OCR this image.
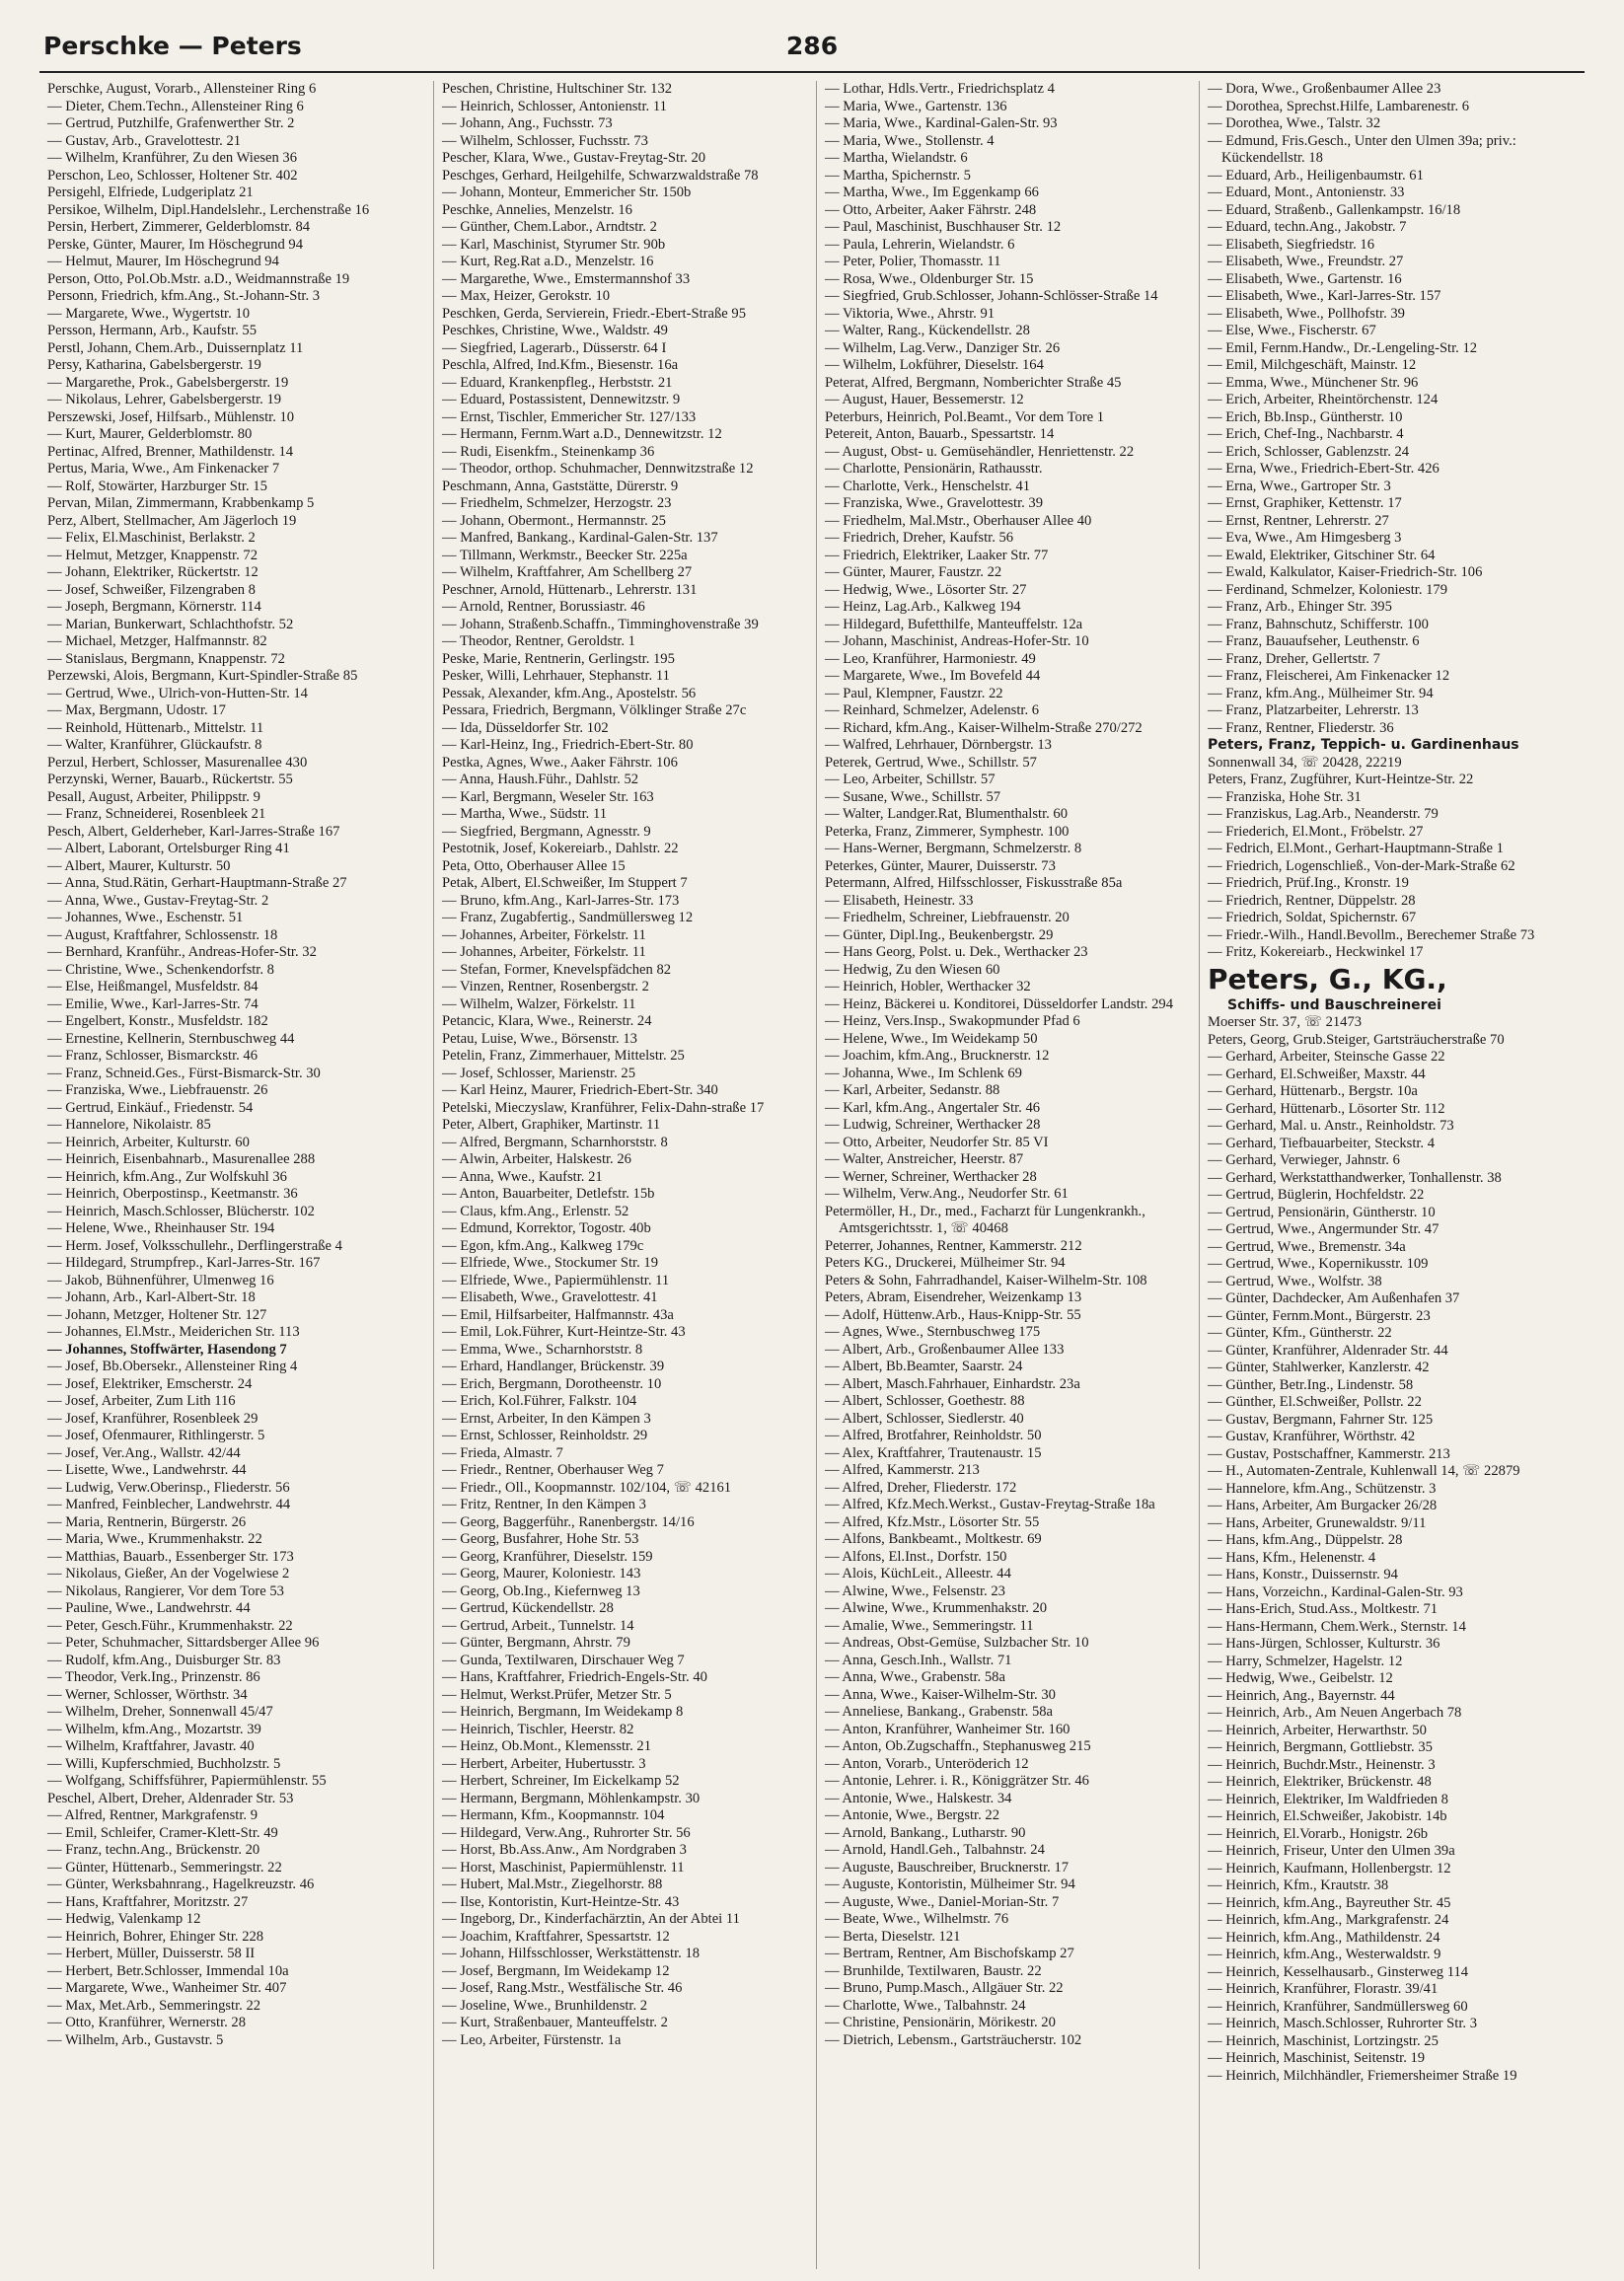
Perschke — Peters	286
Perschke, August, Vorarb., Allensteiner Ring 6
— Dieter, Chem.Techn., Allensteiner Ring 6
— Gertrud, Putzhilfe, Grafenwerther Str. 2
— Gustav, Arb., Gravelottestr. 21
— Wilhelm, Kranführer, Zu den Wiesen 36
Perschon, Leo, Schlosser, Holtener Str. 402
Persigehl, Elfriede, Ludgeriplatz 21
Persikoe, Wilhelm, Dipl.Handelslehr., Lerchenstraße 16
Persin, Herbert, Zimmerer, Gelderblomstr. 84
Perske, Günter, Maurer, Im Höschegrund 94
— Helmut, Maurer, Im Höschegrund 94
Person, Otto, Pol.Ob.Mstr. a.D., Weidmannstraße 19
Personn, Friedrich, kfm.Ang., St.-Johann-Str. 3
— Margarete, Wwe., Wygertstr. 10
Persson, Hermann, Arb., Kaufstr. 55
Perstl, Johann, Chem.Arb., Duissernplatz 11
Persy, Katharina, Gabelsbergerstr. 19
— Margarethe, Prok., Gabelsbergerstr. 19
— Nikolaus, Lehrer, Gabelsbergerstr. 19
Perszewski, Josef, Hilfsarb., Mühlenstr. 10
— Kurt, Maurer, Gelderblomstr. 80
Pertinac, Alfred, Brenner, Mathildenstr. 14
Pertus, Maria, Wwe., Am Finkenacker 7
— Rolf, Stowärter, Harzburger Str. 15
Pervan, Milan, Zimmermann, Krabbenkamp 5
Perz, Albert, Stellmacher, Am Jägerloch 19
— Felix, El.Maschinist, Berlakstr. 2
— Helmut, Metzger, Knappenstr. 72
— Johann, Elektriker, Rückertstr. 12
— Josef, Schweißer, Filzengraben 8
— Joseph, Bergmann, Körnerstr. 114
— Marian, Bunkerwart, Schlachthofstr. 52
— Michael, Metzger, Halfmannstr. 82
— Stanislaus, Bergmann, Knappenstr. 72
Perzewski, Alois, Bergmann, Kurt-Spindler-Straße 85
— Gertrud, Wwe., Ulrich-von-Hutten-Str. 14
— Max, Bergmann, Udostr. 17
— Reinhold, Hüttenarb., Mittelstr. 11
— Walter, Kranführer, Glückaufstr. 8
Perzul, Herbert, Schlosser, Masurenallee 430
Perzynski, Werner, Bauarb., Rückertstr. 55
Pesall, August, Arbeiter, Philippstr. 9
— Franz, Schneiderei, Rosenbleek 21
Pesch, Albert, Gelderheber, Karl-Jarres-Straße 167
— Albert, Laborant, Ortelsburger Ring 41
— Albert, Maurer, Kulturstr. 50
— Anna, Stud.Rätin, Gerhart-Hauptmann-Straße 27
— Anna, Wwe., Gustav-Freytag-Str. 2
— Johannes, Wwe., Eschenstr. 51
— August, Kraftfahrer, Schlossenstr. 18
— Bernhard, Kranführ., Andreas-Hofer-Str. 32
— Christine, Wwe., Schenkendorfstr. 8
— Else, Heißmangel, Musfeldstr. 84
— Emilie, Wwe., Karl-Jarres-Str. 74
— Engelbert, Konstr., Musfeldstr. 182
— Ernestine, Kellnerin, Sternbuschweg 44
— Franz, Schlosser, Bismarckstr. 46
— Franz, Schneid.Ges., Fürst-Bismarck-Str. 30
— Franziska, Wwe., Liebfrauenstr. 26
— Gertrud, Einkäuf., Friedenstr. 54
— Hannelore, Nikolaistr. 85
— Heinrich, Arbeiter, Kulturstr. 60
— Heinrich, Eisenbahnarb., Masurenallee 288
— Heinrich, kfm.Ang., Zur Wolfskuhl 36
— Heinrich, Oberpostinsp., Keetmanstr. 36
— Heinrich, Masch.Schlosser, Blücherstr. 102
— Helene, Wwe., Rheinhauser Str. 194
— Herm. Josef, Volksschullehr., Derflingerstraße 4
— Hildegard, Strumpfrep., Karl-Jarres-Str. 167
— Jakob, Bühnenführer, Ulmenweg 16
— Johann, Arb., Karl-Albert-Str. 18
— Johann, Metzger, Holtener Str. 127
— Johannes, El.Mstr., Meiderichen Str. 113
— Johannes, Stoffwärter, Hasendong 7
— Josef, Bb.Obersekr., Allensteiner Ring 4
— Josef, Elektriker, Emscherstr. 24
— Josef, Arbeiter, Zum Lith 116
— Josef, Kranführer, Rosenbleek 29
— Josef, Ofenmaurer, Rithlingerstr. 5
— Josef, Ver.Ang., Wallstr. 42/44
— Lisette, Wwe., Landwehrstr. 44
— Ludwig, Verw.Oberinsp., Fliederstr. 56
— Manfred, Feinblecher, Landwehrstr. 44
— Maria, Rentnerin, Bürgerstr. 26
— Maria, Wwe., Krummenhakstr. 22
— Matthias, Bauarb., Essenberger Str. 173
— Nikolaus, Gießer, An der Vogelwiese 2
— Nikolaus, Rangierer, Vor dem Tore 53
— Pauline, Wwe., Landwehrstr. 44
— Peter, Gesch.Führ., Krummenhakstr. 22
— Peter, Schuhmacher, Sittardsberger Allee 96
— Rudolf, kfm.Ang., Duisburger Str. 83
— Theodor, Verk.Ing., Prinzenstr. 86
— Werner, Schlosser, Wörthstr. 34
— Wilhelm, Dreher, Sonnenwall 45/47
— Wilhelm, kfm.Ang., Mozartstr. 39
— Wilhelm, Kraftfahrer, Javastr. 40
— Willi, Kupferschmied, Buchholzstr. 5
— Wolfgang, Schiffsführer, Papiermühlenstr. 55
Peschel, Albert, Dreher, Aldenrader Str. 53
— Alfred, Rentner, Markgrafenstr. 9
— Emil, Schleifer, Cramer-Klett-Str. 49
— Franz, techn.Ang., Brückenstr. 20
— Günter, Hüttenarb., Semmeringstr. 22
— Günter, Werksbahnrang., Hagelkreuzstr. 46
— Hans, Kraftfahrer, Moritzstr. 27
— Hedwig, Valenkamp 12
— Heinrich, Bohrer, Ehinger Str. 228
— Herbert, Müller, Duisserstr. 58 II
— Herbert, Betr.Schlosser, Immendal 10a
— Margarete, Wwe., Wanheimer Str. 407
— Max, Met.Arb., Semmeringstr. 22
— Otto, Kranführer, Wernerstr. 28
— Wilhelm, Arb., Gustavstr. 5
Peschen, Christine, Hultschiner Str. 132
— Heinrich, Schlosser, Antonienstr. 11
— Johann, Ang., Fuchsstr. 73
— Wilhelm, Schlosser, Fuchsstr. 73
Pescher, Klara, Wwe., Gustav-Freytag-Str. 20
Peschges, Gerhard, Heilgehilfe, Schwarzwaldstraße 78
— Johann, Monteur, Emmericher Str. 150b
Peschke, Annelies, Menzelstr. 16
— Günther, Chem.Labor., Arndtstr. 2
— Karl, Maschinist, Styrumer Str. 90b
— Kurt, Reg.Rat a.D., Menzelstr. 16
— Margarethe, Wwe., Emstermannshof 33
— Max, Heizer, Gerokstr. 10
Peschken, Gerda, Servierein, Friedr.-Ebert-Straße 95
Peschkes, Christine, Wwe., Waldstr. 49
— Siegfried, Lagerarb., Düsserstr. 64 I
Peschla, Alfred, Ind.Kfm., Biesenstr. 16a
— Eduard, Krankenpfleg., Herbststr. 21
— Eduard, Postassistent, Dennewitzstr. 9
— Ernst, Tischler, Emmericher Str. 127/133
— Hermann, Fernm.Wart a.D., Dennewitzstr. 12
— Rudi, Eisenkfm., Steinenkamp 36
— Theodor, orthop. Schuhmacher, Dennwitzstraße 12
Peschmann, Anna, Gaststätte, Dürerstr. 9
— Friedhelm, Schmelzer, Herzogstr. 23
— Johann, Obermont., Hermannstr. 25
— Manfred, Bankang., Kardinal-Galen-Str. 137
— Tillmann, Werkmstr., Beecker Str. 225a
— Wilhelm, Kraftfahrer, Am Schellberg 27
Peschner, Arnold, Hüttenarb., Lehrerstr. 131
— Arnold, Rentner, Borussiastr. 46
— Johann, Straßenb.Schaffn., Timminghovenstraße 39
— Theodor, Rentner, Geroldstr. 1
Peske, Marie, Rentnerin, Gerlingstr. 195
Pesker, Willi, Lehrhauer, Stephanstr. 11
Pessak, Alexander, kfm.Ang., Apostelstr. 56
Pessara, Friedrich, Bergmann, Völklinger Straße 27c
— Ida, Düsseldorfer Str. 102
— Karl-Heinz, Ing., Friedrich-Ebert-Str. 80
Pestka, Agnes, Wwe., Aaker Fährstr. 106
— Anna, Haush.Führ., Dahlstr. 52
— Karl, Bergmann, Weseler Str. 163
— Martha, Wwe., Südstr. 11
— Siegfried, Bergmann, Agnesstr. 9
Pestotnik, Josef, Kokereiarb., Dahlstr. 22
Peta, Otto, Oberhauser Allee 15
Petak, Albert, El.Schweißer, Im Stuppert 7
— Bruno, kfm.Ang., Karl-Jarres-Str. 173
— Franz, Zugabfertig., Sandmüllersweg 12
— Johannes, Arbeiter, Förkelstr. 11
— Johannes, Arbeiter, Förkelstr. 11
— Stefan, Former, Knevelspfädchen 82
— Vinzen, Rentner, Rosenbergstr. 2
— Wilhelm, Walzer, Förkelstr. 11
Petancic, Klara, Wwe., Reinerstr. 24
Petau, Luise, Wwe., Börsenstr. 13
Petelin, Franz, Zimmerhauer, Mittelstr. 25
— Josef, Schlosser, Marienstr. 25
— Karl Heinz, Maurer, Friedrich-Ebert-Str. 340
Petelski, Mieczyslaw, Kranführer, Felix-Dahn-straße 17
Peter, Albert, Graphiker, Martinstr. 11
— Alfred, Bergmann, Scharnhorststr. 8
— Alwin, Arbeiter, Halskestr. 26
— Anna, Wwe., Kaufstr. 21
— Anton, Bauarbeiter, Detlefstr. 15b
— Claus, kfm.Ang., Erlenstr. 52
— Edmund, Korrektor, Togostr. 40b
— Egon, kfm.Ang., Kalkweg 179c
— Elfriede, Wwe., Stockumer Str. 19
— Elfriede, Wwe., Papiermühlenstr. 11
— Elisabeth, Wwe., Gravelottestr. 41
— Emil, Hilfsarbeiter, Halfmannstr. 43a
— Emil, Lok.Führer, Kurt-Heintze-Str. 43
— Emma, Wwe., Scharnhorststr. 8
— Erhard, Handlanger, Brückenstr. 39
— Erich, Bergmann, Dorotheenstr. 10
— Erich, Kol.Führer, Falkstr. 104
— Ernst, Arbeiter, In den Kämpen 3
— Ernst, Schlosser, Reinholdstr. 29
— Frieda, Almastr. 7
— Friedr., Rentner, Oberhauser Weg 7
— Friedr., Oll., Koopmannstr. 102/104, ☏ 42161
— Fritz, Rentner, In den Kämpen 3
— Georg, Baggerführ., Ranenbergstr. 14/16
— Georg, Busfahrer, Hohe Str. 53
— Georg, Kranführer, Dieselstr. 159
— Georg, Maurer, Koloniestr. 143
— Georg, Ob.Ing., Kiefernweg 13
— Gertrud, Kückendellstr. 28
— Gertrud, Arbeit., Tunnelstr. 14
— Günter, Bergmann, Ahrstr. 79
— Gunda, Textilwaren, Dirschauer Weg 7
— Hans, Kraftfahrer, Friedrich-Engels-Str. 40
— Helmut, Werkst.Prüfer, Metzer Str. 5
— Heinrich, Bergmann, Im Weidekamp 8
— Heinrich, Tischler, Heerstr. 82
— Heinz, Ob.Mont., Klemensstr. 21
— Herbert, Arbeiter, Hubertusstr. 3
— Herbert, Schreiner, Im Eickelkamp 52
— Hermann, Bergmann, Möhlenkampstr. 30
— Hermann, Kfm., Koopmannstr. 104
— Hildegard, Verw.Ang., Ruhrorter Str. 56
— Horst, Bb.Ass.Anw., Am Nordgraben 3
— Horst, Maschinist, Papiermühlenstr. 11
— Hubert, Mal.Mstr., Ziegelhorstr. 88
— Ilse, Kontoristin, Kurt-Heintze-Str. 43
— Ingeborg, Dr., Kinderfachärztin, An der Abtei 11
— Joachim, Kraftfahrer, Spessartstr. 12
— Johann, Hilfsschlosser, Werkstättenstr. 18
— Josef, Bergmann, Im Weidekamp 12
— Josef, Rang.Mstr., Westfälische Str. 46
— Joseline, Wwe., Brunhildenstr. 2
— Kurt, Straßenbauer, Manteuffelstr. 2
— Leo, Arbeiter, Fürstenstr. 1a
— Lothar, Hdls.Vertr., Friedrichsplatz 4
— Maria, Wwe., Gartenstr. 136
— Maria, Wwe., Kardinal-Galen-Str. 93
— Maria, Wwe., Stollenstr. 4
— Martha, Wielandstr. 6
— Martha, Spichernstr. 5
— Martha, Wwe., Im Eggenkamp 66
— Otto, Arbeiter, Aaker Fährstr. 248
— Paul, Maschinist, Buschhauser Str. 12
— Paula, Lehrerin, Wielandstr. 6
— Peter, Polier, Thomasstr. 11
— Rosa, Wwe., Oldenburger Str. 15
— Siegfried, Grub.Schlosser, Johann-Schlösser-Straße 14
— Viktoria, Wwe., Ahrstr. 91
— Walter, Rang., Kückendellstr. 28
— Wilhelm, Lag.Verw., Danziger Str. 26
— Wilhelm, Lokführer, Dieselstr. 164
Peterat, Alfred, Bergmann, Nomberichter Straße 45
— August, Hauer, Bessemerstr. 12
Peterburs, Heinrich, Pol.Beamt., Vor dem Tore 1
Petereit, Anton, Bauarb., Spessartstr. 14
— August, Obst- u. Gemüsehändler, Henriettenstr. 22
— Charlotte, Pensionärin, Rathausstr.
— Charlotte, Verk., Henschelstr. 41
— Franziska, Wwe., Gravelottestr. 39
— Friedhelm, Mal.Mstr., Oberhauser Allee 40
— Friedrich, Dreher, Kaufstr. 56
— Friedrich, Elektriker, Laaker Str. 77
— Günter, Maurer, Faustzr. 22
— Hedwig, Wwe., Lösorter Str. 27
— Heinz, Lag.Arb., Kalkweg 194
— Hildegard, Bufetthilfe, Manteuffelstr. 12a
— Johann, Maschinist, Andreas-Hofer-Str. 10
— Leo, Kranführer, Harmoniestr. 49
— Margarete, Wwe., Im Bovefeld 44
— Paul, Klempner, Faustzr. 22
— Reinhard, Schmelzer, Adelenstr. 6
— Richard, kfm.Ang., Kaiser-Wilhelm-Straße 270/272
— Walfred, Lehrhauer, Dörnbergstr. 13
Peterek, Gertrud, Wwe., Schillstr. 57
— Leo, Arbeiter, Schillstr. 57
— Susane, Wwe., Schillstr. 57
— Walter, Landger.Rat, Blumenthalstr. 60
Peterka, Franz, Zimmerer, Symphestr. 100
— Hans-Werner, Bergmann, Schmelzerstr. 8
Peterkes, Günter, Maurer, Duisserstr. 73
Petermann, Alfred, Hilfsschlosser, Fiskusstraße 85a
— Elisabeth, Heinestr. 33
— Friedhelm, Schreiner, Liebfrauenstr. 20
— Günter, Dipl.Ing., Beukenbergstr. 29
— Hans Georg, Polst. u. Dek., Werthacker 23
— Hedwig, Zu den Wiesen 60
— Heinrich, Hobler, Werthacker 32
— Heinz, Bäckerei u. Konditorei, Düsseldorfer Landstr. 294
— Heinz, Vers.Insp., Swakopmunder Pfad 6
— Helene, Wwe., Im Weidekamp 50
— Joachim, kfm.Ang., Brucknerstr. 12
— Johanna, Wwe., Im Schlenk 69
— Karl, Arbeiter, Sedanstr. 88
— Karl, kfm.Ang., Angertaler Str. 46
— Ludwig, Schreiner, Werthacker 28
— Otto, Arbeiter, Neudorfer Str. 85 VI
— Walter, Anstreicher, Heerstr. 87
— Werner, Schreiner, Werthacker 28
— Wilhelm, Verw.Ang., Neudorfer Str. 61
Petermöller, H., Dr., med., Facharzt für Lungenkrankh., Amtsgerichtsstr. 1, ☏ 40468
Peterrer, Johannes, Rentner, Kammerstr. 212
Peters KG., Druckerei, Mülheimer Str. 94
Peters & Sohn, Fahrradhandel, Kaiser-Wilhelm-Str. 108
Peters, Abram, Eisendreher, Weizenkamp 13
— Adolf, Hüttenw.Arb., Haus-Knipp-Str. 55
— Agnes, Wwe., Sternbuschweg 175
— Albert, Arb., Großenbaumer Allee 133
— Albert, Bb.Beamter, Saarstr. 24
— Albert, Masch.Fahrhauer, Einhardstr. 23a
— Albert, Schlosser, Goethestr. 88
— Albert, Schlosser, Siedlerstr. 40
— Alfred, Brotfahrer, Reinholdstr. 50
— Alex, Kraftfahrer, Trautenaustr. 15
— Alfred, Kammerstr. 213
— Alfred, Dreher, Fliederstr. 172
— Alfred, Kfz.Mech.Werkst., Gustav-Freytag-Straße 18a
— Alfred, Kfz.Mstr., Lösorter Str. 55
— Alfons, Bankbeamt., Moltkestr. 69
— Alfons, El.Inst., Dorfstr. 150
— Alois, KüchLeit., Alleestr. 44
— Alwine, Wwe., Felsenstr. 23
— Alwine, Wwe., Krummenhakstr. 20
— Amalie, Wwe., Semmeringstr. 11
— Andreas, Obst-Gemüse, Sulzbacher Str. 10
— Anna, Gesch.Inh., Wallstr. 71
— Anna, Wwe., Grabenstr. 58a
— Anna, Wwe., Kaiser-Wilhelm-Str. 30
— Anneliese, Bankang., Grabenstr. 58a
— Anton, Kranführer, Wanheimer Str. 160
— Anton, Ob.Zugschaffn., Stephanusweg 215
— Anton, Vorarb., Unteröderich 12
— Antonie, Lehrer. i. R., Königgrätzer Str. 46
— Antonie, Wwe., Halskestr. 34
— Antonie, Wwe., Bergstr. 22
— Arnold, Bankang., Lutharstr. 90
— Arnold, Handl.Geh., Talbahnstr. 24
— Auguste, Bauschreiber, Brucknerstr. 17
— Auguste, Kontoristin, Mülheimer Str. 94
— Auguste, Wwe., Daniel-Morian-Str. 7
— Beate, Wwe., Wilhelmstr. 76
— Berta, Dieselstr. 121
— Bertram, Rentner, Am Bischofskamp 27
— Brunhilde, Textilwaren, Baustr. 22
— Bruno, Pump.Masch., Allgäuer Str. 22
— Charlotte, Wwe., Talbahnstr. 24
— Christine, Pensionärin, Mörikestr. 20
— Dietrich, Lebensm., Gartsträucherstr. 102
— Dora, Wwe., Großenbaumer Allee 23
— Dorothea, Sprechst.Hilfe, Lambarenestr. 6
— Dorothea, Wwe., Talstr. 32
— Edmund, Fris.Gesch., Unter den Ulmen 39a; priv.: Kückendellstr. 18
— Eduard, Arb., Heiligenbaumstr. 61
— Eduard, Mont., Antonienstr. 33
— Eduard, Straßenb., Gallenkampstr. 16/18
— Eduard, techn.Ang., Jakobstr. 7
— Elisabeth, Siegfriedstr. 16
— Elisabeth, Wwe., Freundstr. 27
— Elisabeth, Wwe., Gartenstr. 16
— Elisabeth, Wwe., Karl-Jarres-Str. 157
— Elisabeth, Wwe., Pollhofstr. 39
— Else, Wwe., Fischerstr. 67
— Emil, Fernm.Handw., Dr.-Lengeling-Str. 12
— Emil, Milchgeschäft, Mainstr. 12
— Emma, Wwe., Münchener Str. 96
— Erich, Arbeiter, Rheintörchenstr. 124
— Erich, Bb.Insp., Güntherstr. 10
— Erich, Chef-Ing., Nachbarstr. 4
— Erich, Schlosser, Gablenzstr. 24
— Erna, Wwe., Friedrich-Ebert-Str. 426
— Erna, Wwe., Gartroper Str. 3
— Ernst, Graphiker, Kettenstr. 17
— Ernst, Rentner, Lehrerstr. 27
— Eva, Wwe., Am Himgesberg 3
— Ewald, Elektriker, Gitschiner Str. 64
— Ewald, Kalkulator, Kaiser-Friedrich-Str. 106
— Ferdinand, Schmelzer, Koloniestr. 179
— Franz, Arb., Ehinger Str. 395
— Franz, Bahnschutz, Schifferstr. 100
— Franz, Bauaufseher, Leuthenstr. 6
— Franz, Dreher, Gellertstr. 7
— Franz, Fleischerei, Am Finkenacker 12
— Franz, kfm.Ang., Mülheimer Str. 94
— Franz, Platzarbeiter, Lehrerstr. 13
— Franz, Rentner, Fliederstr. 36
Peters, Franz, Teppich- u. Gardinenhaus
Sonnenwall 34, ☏ 20428, 22219
Peters, Franz, Zugführer, Kurt-Heintze-Str. 22
— Franziska, Hohe Str. 31
— Franziskus, Lag.Arb., Neanderstr. 79
— Friederich, El.Mont., Fröbelstr. 27
— Fedrich, El.Mont., Gerhart-Hauptmann-Straße 1
— Friedrich, Logenschließ., Von-der-Mark-Straße 62
— Friedrich, Prüf.Ing., Kronstr. 19
— Friedrich, Rentner, Düppelstr. 28
— Friedrich, Soldat, Spichernstr. 67
— Friedr.-Wilh., Handl.Bevollm., Berechemer Straße 73
— Fritz, Kokereiarb., Heckwinkel 17
Peters, G., KG.,
Schiffs- und Bauschreinerei
Moerser Str. 37, ☏ 21473
Peters, Georg, Grub.Steiger, Gartsträucherstraße 70
— Gerhard, Arbeiter, Steinsche Gasse 22
— Gerhard, El.Schweißer, Maxstr. 44
— Gerhard, Hüttenarb., Bergstr. 10a
— Gerhard, Hüttenarb., Lösorter Str. 112
— Gerhard, Mal. u. Anstr., Reinholdstr. 73
— Gerhard, Tiefbauarbeiter, Steckstr. 4
— Gerhard, Verwieger, Jahnstr. 6
— Gerhard, Werkstatthandwerker, Tonhallenstr. 38
— Gertrud, Büglerin, Hochfeldstr. 22
— Gertrud, Pensionärin, Güntherstr. 10
— Gertrud, Wwe., Angermunder Str. 47
— Gertrud, Wwe., Bremenstr. 34a
— Gertrud, Wwe., Kopernikusstr. 109
— Gertrud, Wwe., Wolfstr. 38
— Günter, Dachdecker, Am Außenhafen 37
— Günter, Fernm.Mont., Bürgerstr. 23
— Günter, Kfm., Güntherstr. 22
— Günter, Kranführer, Aldenrader Str. 44
— Günter, Stahlwerker, Kanzlerstr. 42
— Günther, Betr.Ing., Lindenstr. 58
— Günther, El.Schweißer, Pollstr. 22
— Gustav, Bergmann, Fahrner Str. 125
— Gustav, Kranführer, Wörthstr. 42
— Gustav, Postschaffner, Kammerstr. 213
— H., Automaten-Zentrale, Kuhlenwall 14, ☏ 22879
— Hannelore, kfm.Ang., Schützenstr. 3
— Hans, Arbeiter, Am Burgacker 26/28
— Hans, Arbeiter, Grunewaldstr. 9/11
— Hans, kfm.Ang., Düppelstr. 28
— Hans, Kfm., Helenenstr. 4
— Hans, Konstr., Duissernstr. 94
— Hans, Vorzeichn., Kardinal-Galen-Str. 93
— Hans-Erich, Stud.Ass., Moltkestr. 71
— Hans-Hermann, Chem.Werk., Sternstr. 14
— Hans-Jürgen, Schlosser, Kulturstr. 36
— Harry, Schmelzer, Hagelstr. 12
— Hedwig, Wwe., Geibelstr. 12
— Heinrich, Ang., Bayernstr. 44
— Heinrich, Arb., Am Neuen Angerbach 78
— Heinrich, Arbeiter, Herwarthstr. 50
— Heinrich, Bergmann, Gottliebstr. 35
— Heinrich, Buchdr.Mstr., Heinenstr. 3
— Heinrich, Elektriker, Brückenstr. 48
— Heinrich, Elektriker, Im Waldfrieden 8
— Heinrich, El.Schweißer, Jakobistr. 14b
— Heinrich, El.Vorarb., Honigstr. 26b
— Heinrich, Friseur, Unter den Ulmen 39a
— Heinrich, Kaufmann, Hollenbergstr. 12
— Heinrich, Kfm., Krautstr. 38
— Heinrich, kfm.Ang., Bayreuther Str. 45
— Heinrich, kfm.Ang., Markgrafenstr. 24
— Heinrich, kfm.Ang., Mathildenstr. 24
— Heinrich, kfm.Ang., Westerwaldstr. 9
— Heinrich, Kesselhausarb., Ginsterweg 114
— Heinrich, Kranführer, Florastr. 39/41
— Heinrich, Kranführer, Sandmüllersweg 60
— Heinrich, Masch.Schlosser, Ruhrorter Str. 3
— Heinrich, Maschinist, Lortzingstr. 25
— Heinrich, Maschinist, Seitenstr. 19
— Heinrich, Milchhändler, Friemersheimer Straße 19
